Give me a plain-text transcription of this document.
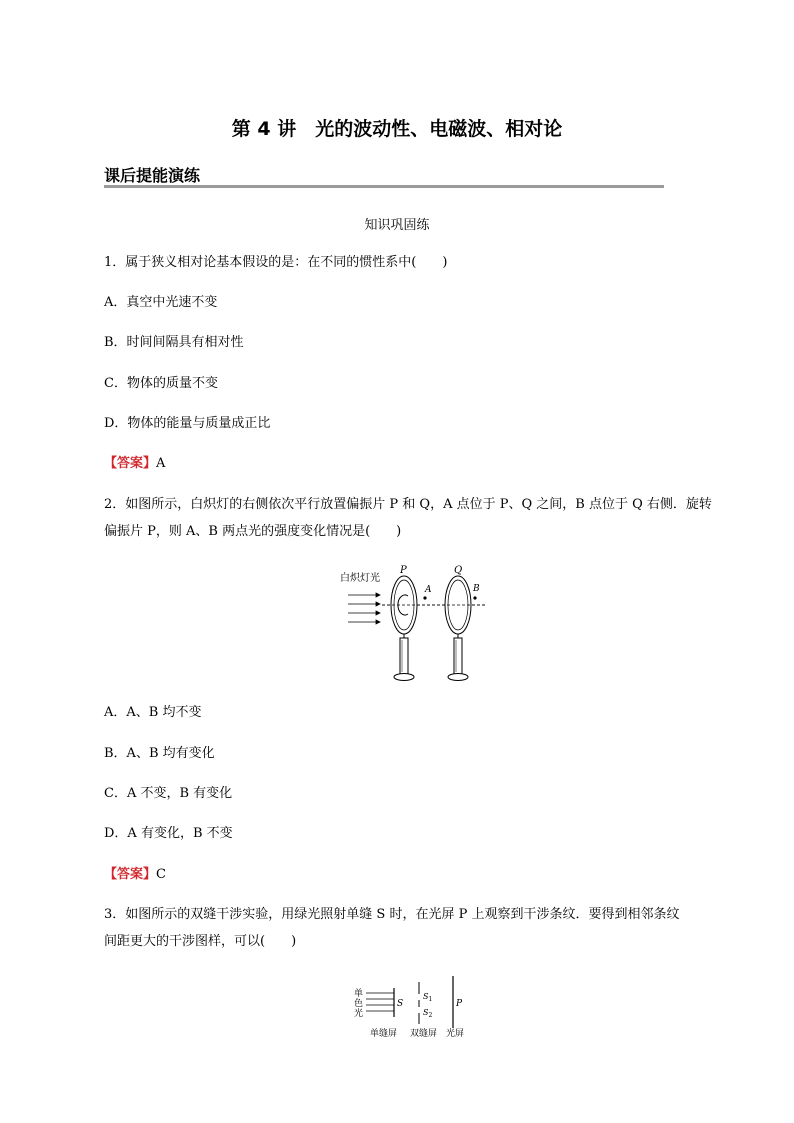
第 4 讲　光的波动性、电磁波、相对论
课后提能演练
知识巩固练
1．属于狭义相对论基本假设的是：在不同的惯性系中(　　)
A．真空中光速不变
B．时间间隔具有相对性
C．物体的质量不变
D．物体的能量与质量成正比
【答案】A
2．如图所示，白炽灯的右侧依次平行放置偏振片 P 和 Q，A 点位于 P、Q 之间，B 点位于 Q 右侧．旋转
偏振片 P，则 A、B 两点光的强度变化情况是(　　)
白炽灯光
P
A
Q
B
A．A、B 均不变
B．A、B 均有变化
C．A 不变，B 有变化
D．A 有变化，B 不变
【答案】C
3．如图所示的双缝干涉实验，用绿光照射单缝 S 时，在光屏 P 上观察到干涉条纹．要得到相邻条纹
间距更大的干涉图样，可以(　　)
单
色
光
S
$S_1$
$S_2$
P
单缝屏 双缝屏 光屏
